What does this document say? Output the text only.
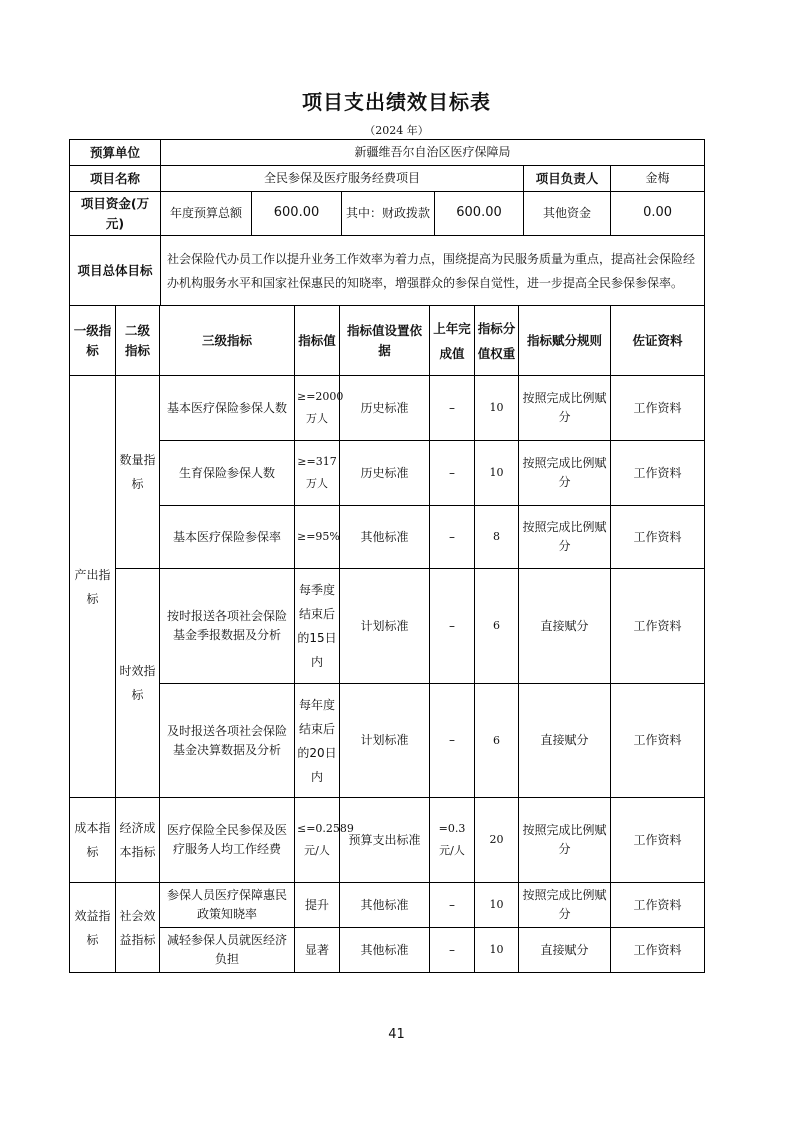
项目支出绩效目标表
（2024 年）
预算单位	新疆维吾尔自治区医疗保障局					
项目名称	全民参保及医疗服务经费项目				项目负责人	金梅
项目资金(万元)	年度预算总额	600.00	其中：财政拨款	600.00	其他资金	0.00
项目总体目标	社会保险代办员工作以提升业务工作效率为着力点，围绕提高为民服务质量为重点，提高社会保险经办机构服务水平和国家社保惠民的知晓率，增强群众的参保自觉性，进一步提高全民参保参保率。					
一级指标	二级指标	三级指标	指标值	指标值设置依据	上年完成值	指标分值权重	指标赋分规则	佐证资料
产出指标	数量指标	基本医疗保险参保人数	≥=2000万人	历史标准	–	10	按照完成比例赋分	工作资料
		生育保险参保人数	≥=317万人	历史标准	–	10	按照完成比例赋分	工作资料
		基本医疗保险参保率	≥=95%	其他标准	–	8	按照完成比例赋分	工作资料
	时效指标	按时报送各项社会保险基金季报数据及分析	每季度结束后的15日内	计划标准	–	6	直接赋分	工作资料
		及时报送各项社会保险基金决算数据及分析	每年度结束后的20日内	计划标准	–	6	直接赋分	工作资料
成本指标	经济成本指标	医疗保险全民参保及医疗服务人均工作经费	≤=0.2589元/人	预算支出标准	=0.3元/人	20	按照完成比例赋分	工作资料
效益指标	社会效益指标	参保人员医疗保障惠民政策知晓率	提升	其他标准	–	10	按照完成比例赋分	工作资料
		减轻参保人员就医经济负担	显著	其他标准	–	10	直接赋分	工作资料
41
